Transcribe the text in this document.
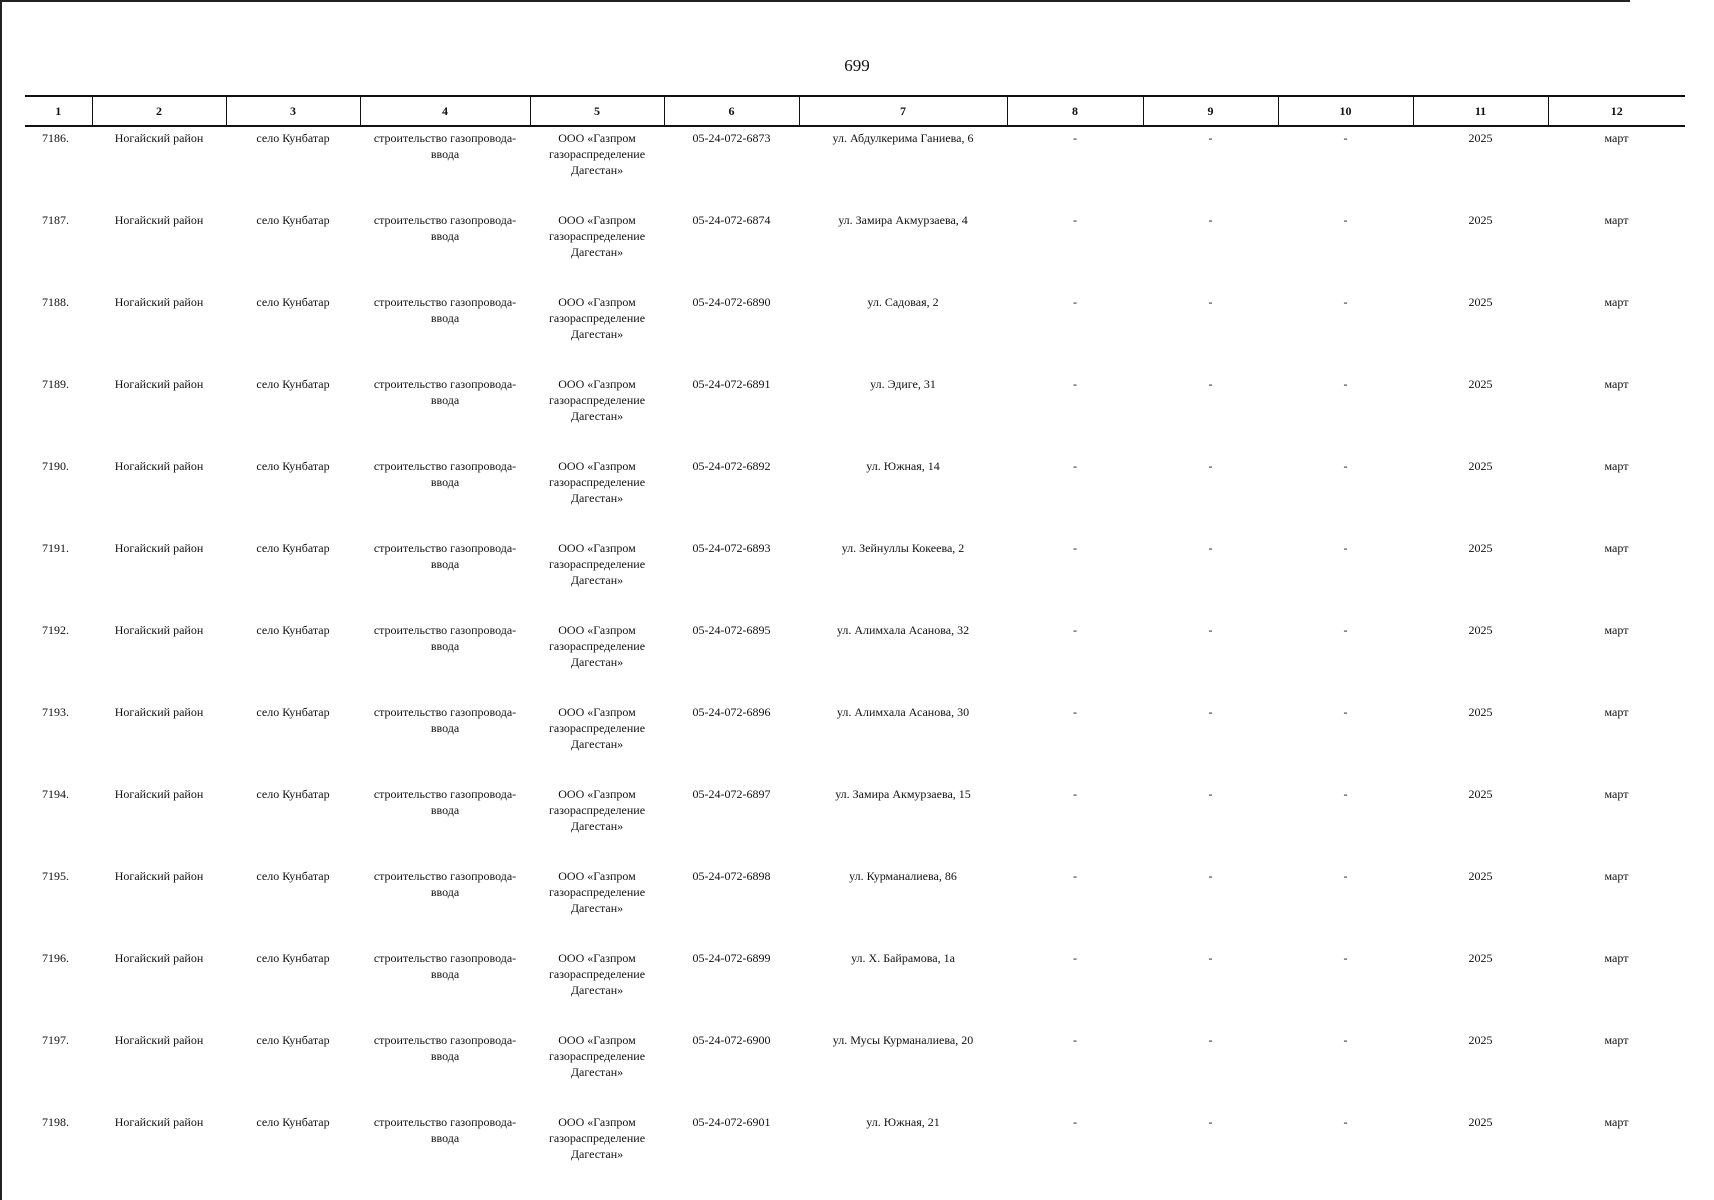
699
1	2	3	4	5	6	7	8	9	10	11	12
7186.	Ногайский район	село Кунбатар	строительство газопровода-ввода	ООО «Газпром газораспределение Дагестан»	05-24-072-6873	ул. Абдулкерима Ганиева, 6	-	-	-	2025	март
7187.	Ногайский район	село Кунбатар	строительство газопровода-ввода	ООО «Газпром газораспределение Дагестан»	05-24-072-6874	ул. Замира Акмурзаева, 4	-	-	-	2025	март
7188.	Ногайский район	село Кунбатар	строительство газопровода-ввода	ООО «Газпром газораспределение Дагестан»	05-24-072-6890	ул. Садовая, 2	-	-	-	2025	март
7189.	Ногайский район	село Кунбатар	строительство газопровода-ввода	ООО «Газпром газораспределение Дагестан»	05-24-072-6891	ул. Эдиге, 31	-	-	-	2025	март
7190.	Ногайский район	село Кунбатар	строительство газопровода-ввода	ООО «Газпром газораспределение Дагестан»	05-24-072-6892	ул. Южная, 14	-	-	-	2025	март
7191.	Ногайский район	село Кунбатар	строительство газопровода-ввода	ООО «Газпром газораспределение Дагестан»	05-24-072-6893	ул. Зейнуллы Кокеева, 2	-	-	-	2025	март
7192.	Ногайский район	село Кунбатар	строительство газопровода-ввода	ООО «Газпром газораспределение Дагестан»	05-24-072-6895	ул. Алимхала Асанова, 32	-	-	-	2025	март
7193.	Ногайский район	село Кунбатар	строительство газопровода-ввода	ООО «Газпром газораспределение Дагестан»	05-24-072-6896	ул. Алимхала Асанова, 30	-	-	-	2025	март
7194.	Ногайский район	село Кунбатар	строительство газопровода-ввода	ООО «Газпром газораспределение Дагестан»	05-24-072-6897	ул. Замира Акмурзаева, 15	-	-	-	2025	март
7195.	Ногайский район	село Кунбатар	строительство газопровода-ввода	ООО «Газпром газораспределение Дагестан»	05-24-072-6898	ул. Курманалиева, 86	-	-	-	2025	март
7196.	Ногайский район	село Кунбатар	строительство газопровода-ввода	ООО «Газпром газораспределение Дагестан»	05-24-072-6899	ул. Х. Байрамова, 1а	-	-	-	2025	март
7197.	Ногайский район	село Кунбатар	строительство газопровода-ввода	ООО «Газпром газораспределение Дагестан»	05-24-072-6900	ул. Мусы Курманалиева, 20	-	-	-	2025	март
7198.	Ногайский район	село Кунбатар	строительство газопровода-ввода	ООО «Газпром газораспределение Дагестан»	05-24-072-6901	ул. Южная, 21	-	-	-	2025	март
